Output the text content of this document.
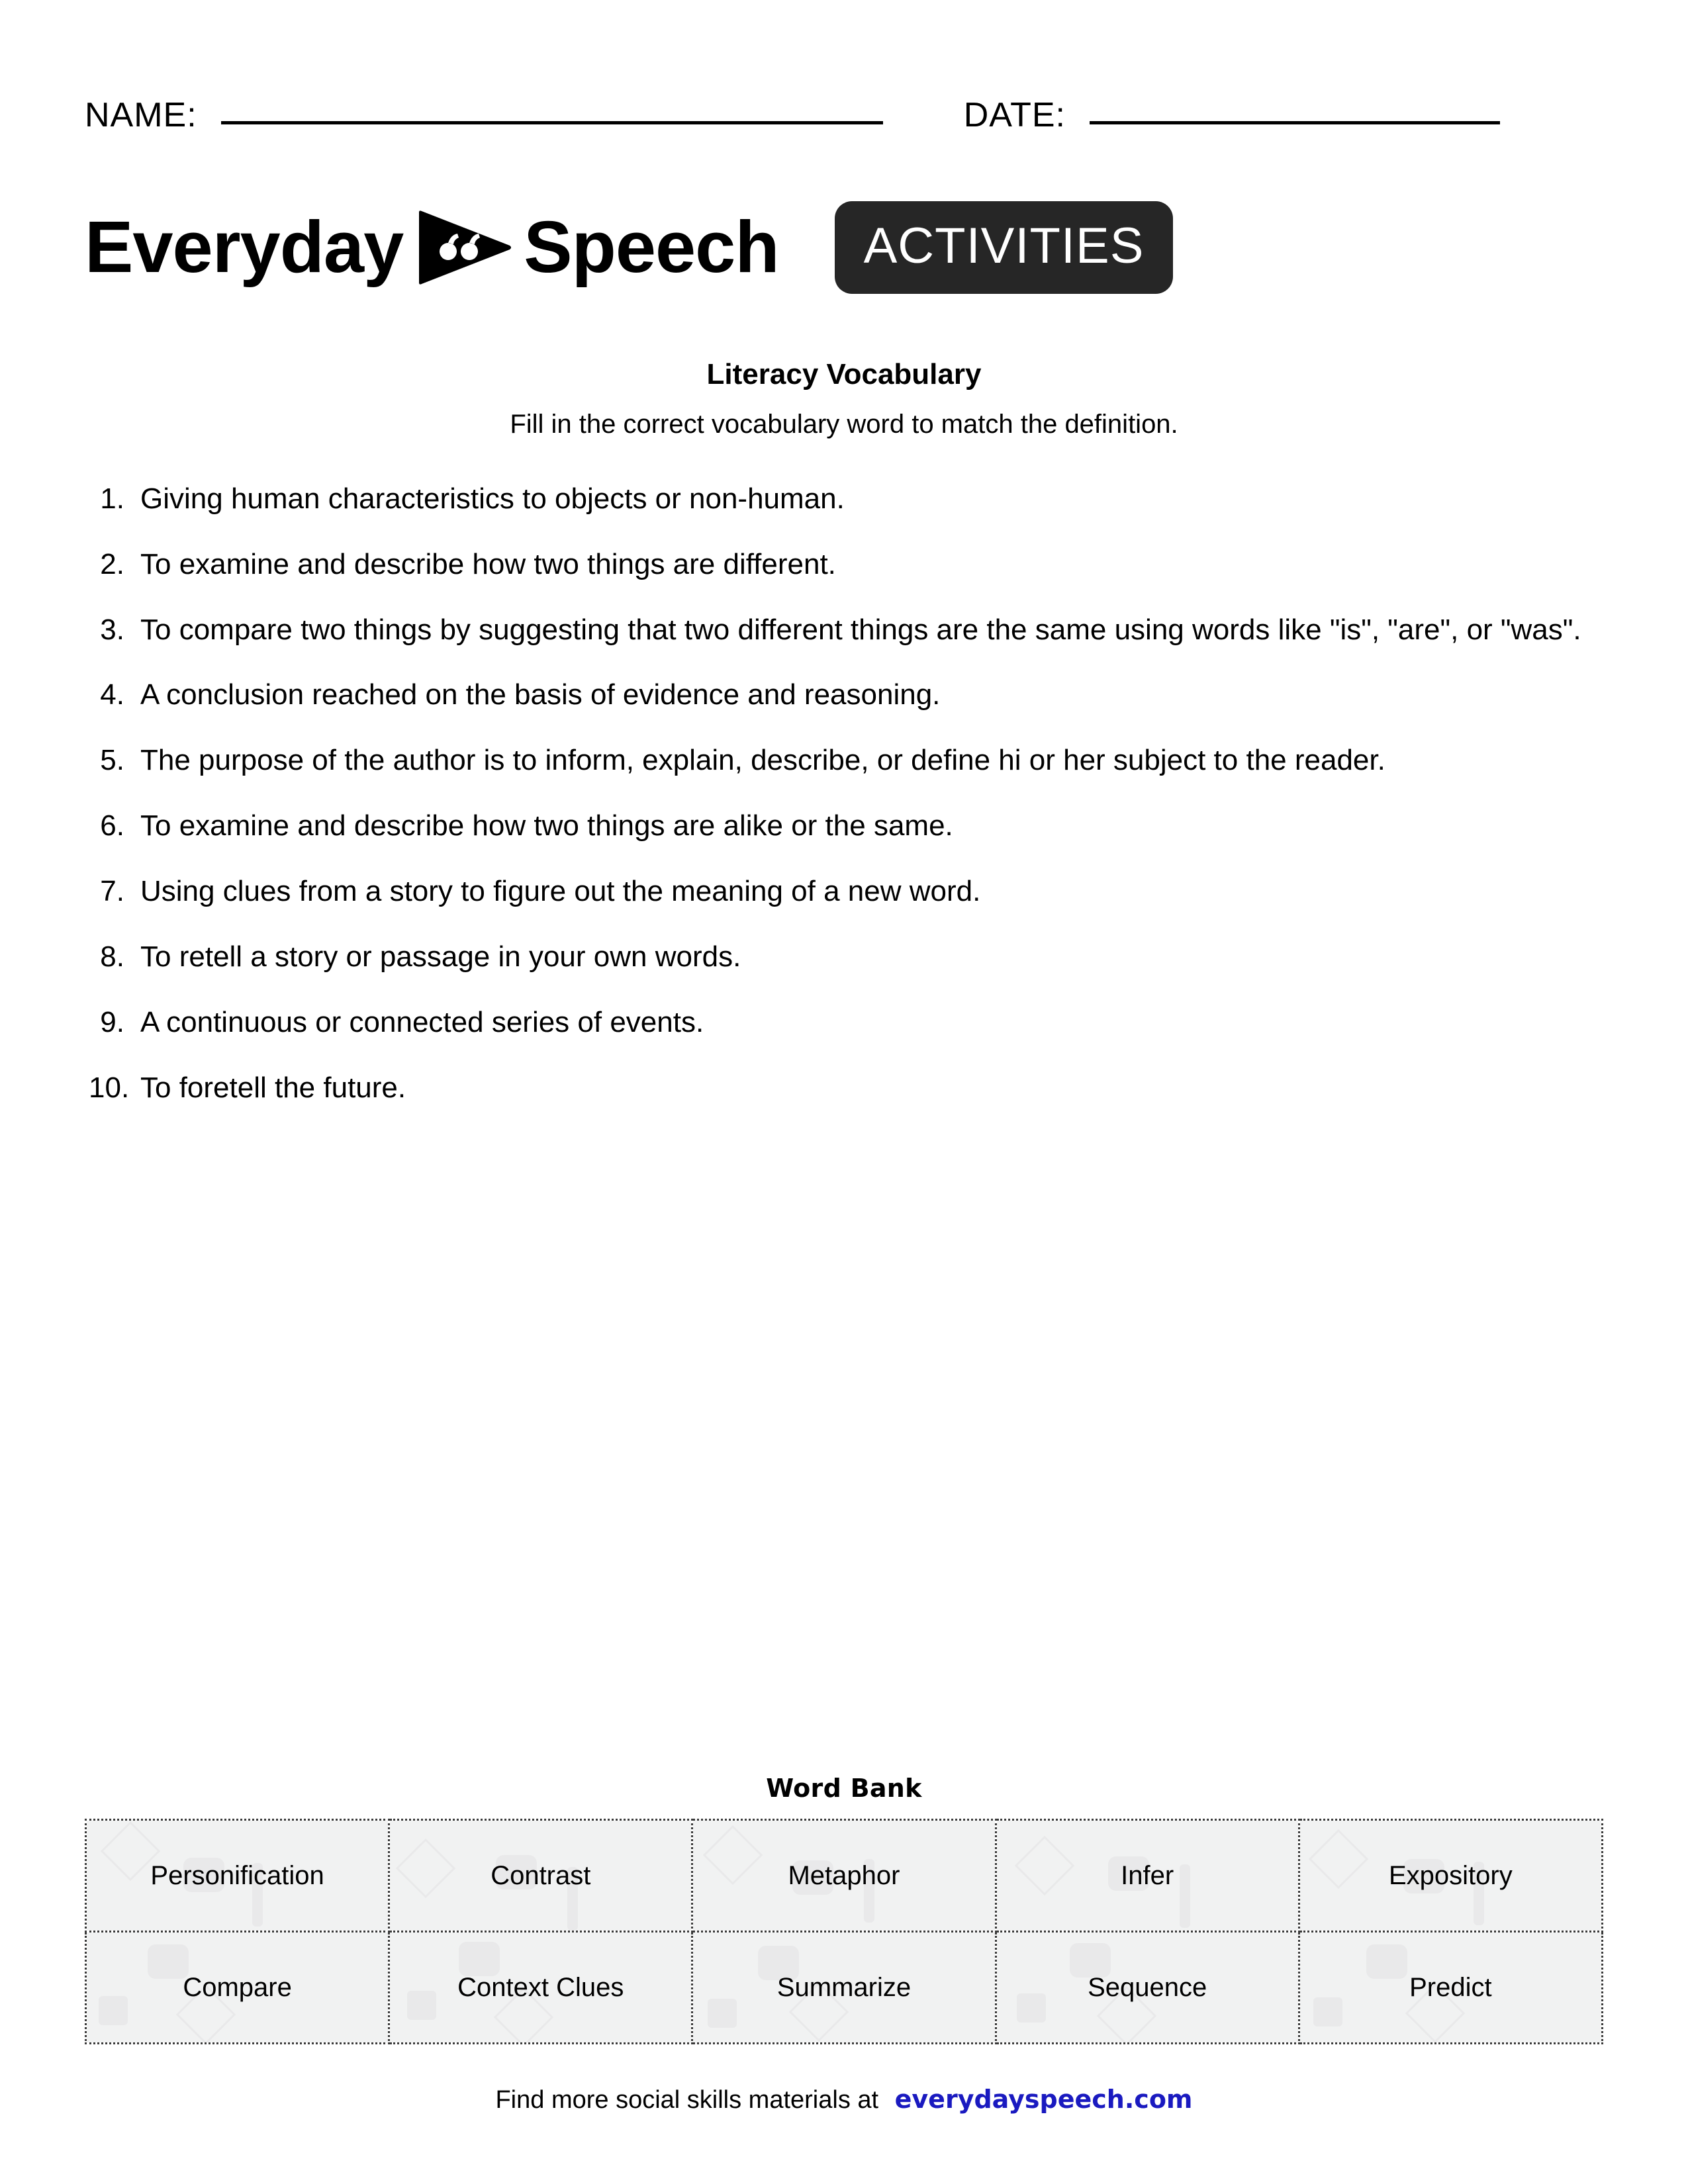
NAME:	DATE:
Everyday Speech	ACTIVITIES
Literacy Vocabulary
Fill in the correct vocabulary word to match the definition.
1. Giving human characteristics to objects or non-human.
2. To examine and describe how two things are different.
3. To compare two things by suggesting that two different things are the same using words like "is", "are", or "was".
4. A conclusion reached on the basis of evidence and reasoning.
5. The purpose of the author is to inform, explain, describe, or define hi or her subject to the reader.
6. To examine and describe how two things are alike or the same.
7. Using clues from a story to figure out the meaning of a new word.
8. To retell a story or passage in your own words.
9. A continuous or connected series of events.
10. To foretell the future.
Word Bank
Personification	Contrast	Metaphor	Infer	Expository

Compare	Context Clues	Summarize	Sequence	Predict
Find more social skills materials at everydayspeech.com
